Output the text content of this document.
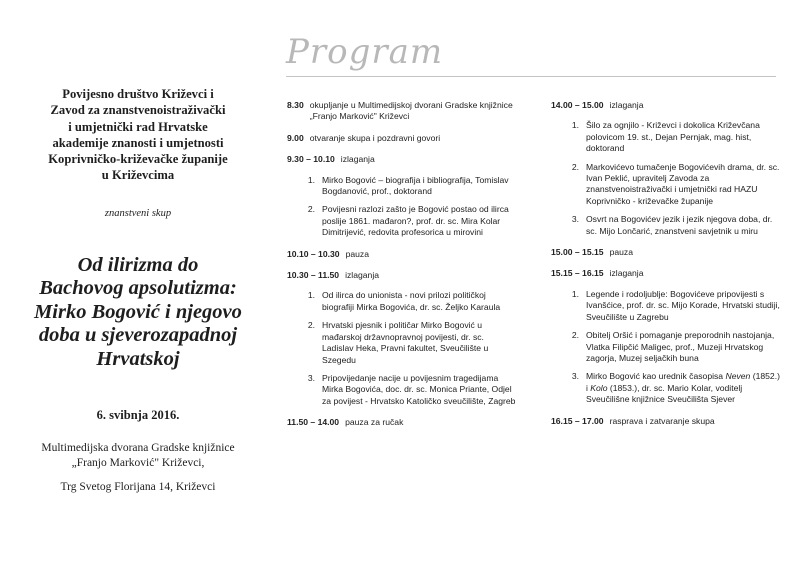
Povijesno društvo Križevci i
Zavod za znanstvenoistraživački
i umjetnički rad Hrvatske
akademije znanosti i umjetnosti
Koprivničko-križevačke županije
u Križevcima
znanstveni skup
Od ilirizma do
Bachovog apsolutizma:
Mirko Bogović i njegovo
doba u sjeverozapadnoj
Hrvatskoj
6. svibnja 2016.
Multimedijska dvorana Gradske knjižnice
„Franjo Marković" Križevci,
Trg Svetog Florijana 14, Križevci
Program
8.30 okupljanje u Multimedijskoj dvorani Gradske knjižnice „Franjo Marković" Križevci
9.00 otvaranje skupa i pozdravni govori
9.30 – 10.10 izlaganja
1. Mirko Bogović – biografija i bibliografija, Tomislav Bogdanović, prof., doktorand
2. Povijesni razlozi zašto je Bogović postao od ilirca poslije 1861. mađaron?, prof. dr. sc. Mira Kolar Dimitrijević, redovita profesorica u mirovini
10.10 – 10.30 pauza
10.30 – 11.50 izlaganja
1. Od ilirca do unionista - novi prilozi političkoj biografiji Mirka Bogovića, dr. sc. Željko Karaula
2. Hrvatski pjesnik i političar Mirko Bogović u mađarskoj državnopravnoj povijesti, dr. sc. Ladislav Heka, Pravni fakultet, Sveučilište u Szegedu
3. Pripovijedanje nacije u povijesnim tragedijama Mirka Bogovića, doc. dr. sc. Monica Priante, Odjel za povijest - Hrvatsko Katoličko sveučilište, Zagreb
11.50 – 14.00 pauza za ručak
14.00 – 15.00 izlaganja
1. Šilo za ognjilo - Križevci i dokolica Križevčana polovicom 19. st., Dejan Pernjak, mag. hist, doktorand
2. Markovićevo tumačenje Bogovićevih drama, dr. sc. Ivan Peklić, upravitelj Zavoda za znanstvenoistraživački i umjetnički rad HAZU Koprivničko - križevačke županije
3. Osvrt na Bogovićev jezik i jezik njegova doba, dr. sc. Mijo Lončarić, znanstveni savjetnik u miru
15.00 – 15.15 pauza
15.15 – 16.15 izlaganja
1. Legende i rodoljublje: Bogovićeve pripovijesti s Ivanšćice, prof. dr. sc. Mijo Korade, Hrvatski studiji, Sveučilište u Zagrebu
2. Obitelj Oršić i pomaganje preporodnih nastojanja, Vlatka Filipčić Maligec, prof., Muzeji Hrvatskog zagorja, Muzej seljačkih buna
3. Mirko Bogović kao urednik časopisa Neven (1852.) i Kolo (1853.), dr. sc. Mario Kolar, voditelj Sveučilišne knjižnice Sveučilišta Sjever
16.15 – 17.00 rasprava i zatvaranje skupa
